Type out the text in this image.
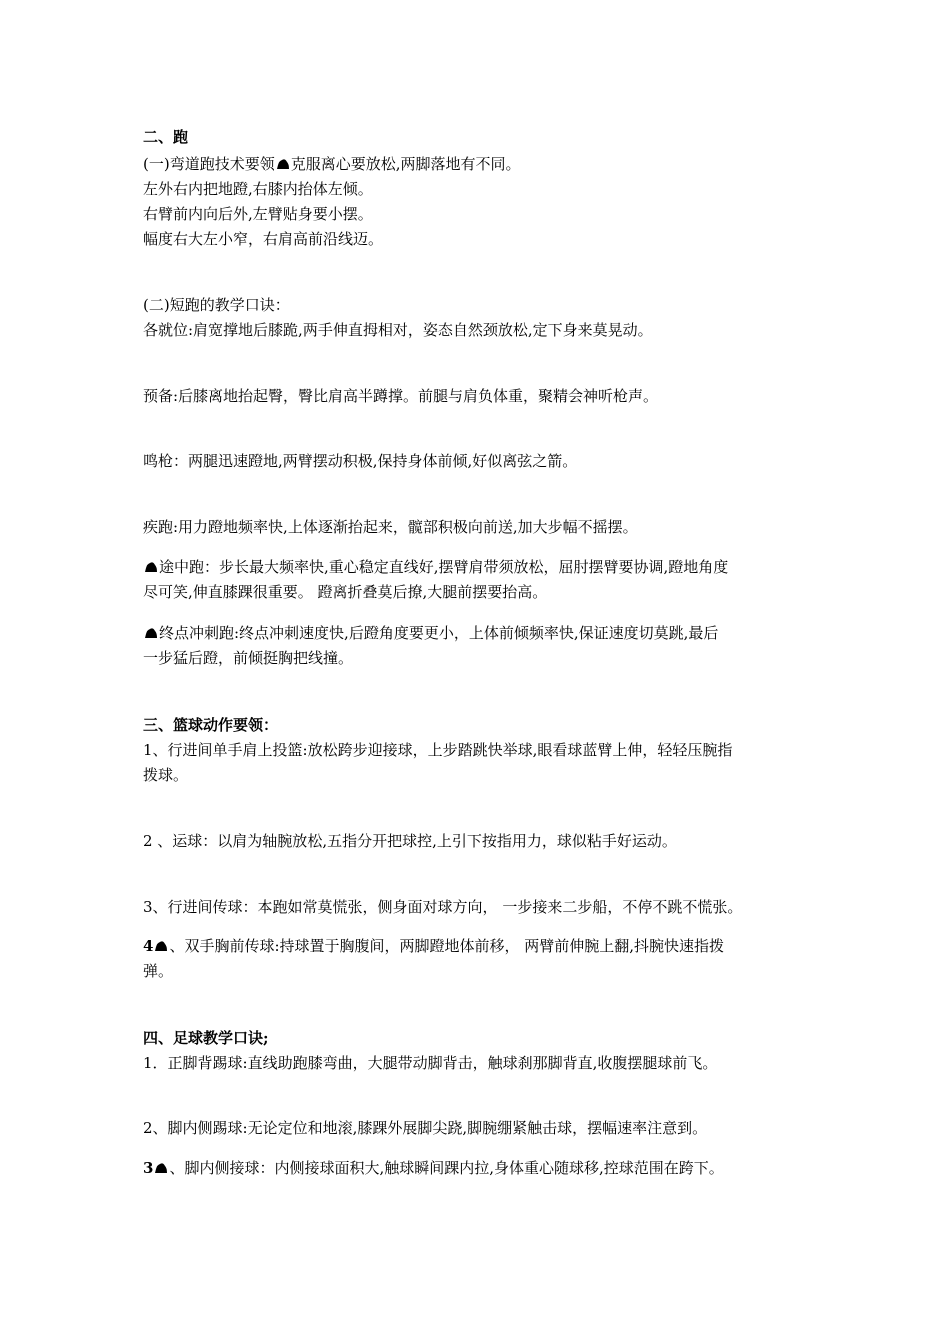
二、跑
(一)弯道跑技术要领 克服离心要放松,两脚落地有不同。
左外右内把地蹬,右膝内抬体左倾。
右臂前内向后外,左臂贴身要小摆。
幅度右大左小窄，右肩高前沿线迈。
(二)短跑的教学口诀：
各就位:肩宽撑地后膝跪,两手伸直拇相对，姿态自然颈放松,定下身来莫晃动。
预备:后膝离地抬起臀，臀比肩高半蹲撑。前腿与肩负体重，聚精会神听枪声。
鸣枪：两腿迅速蹬地,两臂摆动积极,保持身体前倾,好似离弦之箭。
疾跑:用力蹬地频率快,上体逐渐抬起来，髋部积极向前送,加大步幅不摇摆。
途中跑：步长最大频率快,重心稳定直线好,摆臂肩带须放松，屈肘摆臂要协调,蹬地角度
尽可笑,伸直膝踝很重要。 蹬离折叠莫后撩,大腿前摆要抬高。
终点冲刺跑:终点冲刺速度快,后蹬角度要更小，上体前倾频率快,保证速度切莫跳,最后
一步猛后蹬，前倾挺胸把线撞。
三、篮球动作要领：
1、行进间单手肩上投篮:放松跨步迎接球，上步踏跳快举球,眼看球蓝臂上伸，轻轻压腕指
拨球。
2 、运球：以肩为轴腕放松,五指分开把球控,上引下按指用力，球似粘手好运动。
3、行进间传球：本跑如常莫慌张，侧身面对球方向， 一步接来二步船，不停不跳不慌张。
4 、双手胸前传球:持球置于胸腹间，两脚蹬地体前移， 两臂前伸腕上翻,抖腕快速指拨
弹。
四、足球教学口诀;
1．正脚背踢球:直线助跑膝弯曲，大腿带动脚背击，触球刹那脚背直,收腹摆腿球前飞。
2、脚内侧踢球:无论定位和地滚,膝踝外展脚尖跷,脚腕绷紧触击球，摆幅速率注意到。
3 、脚内侧接球：内侧接球面积大,触球瞬间踝内拉,身体重心随球移,控球范围在跨下。
